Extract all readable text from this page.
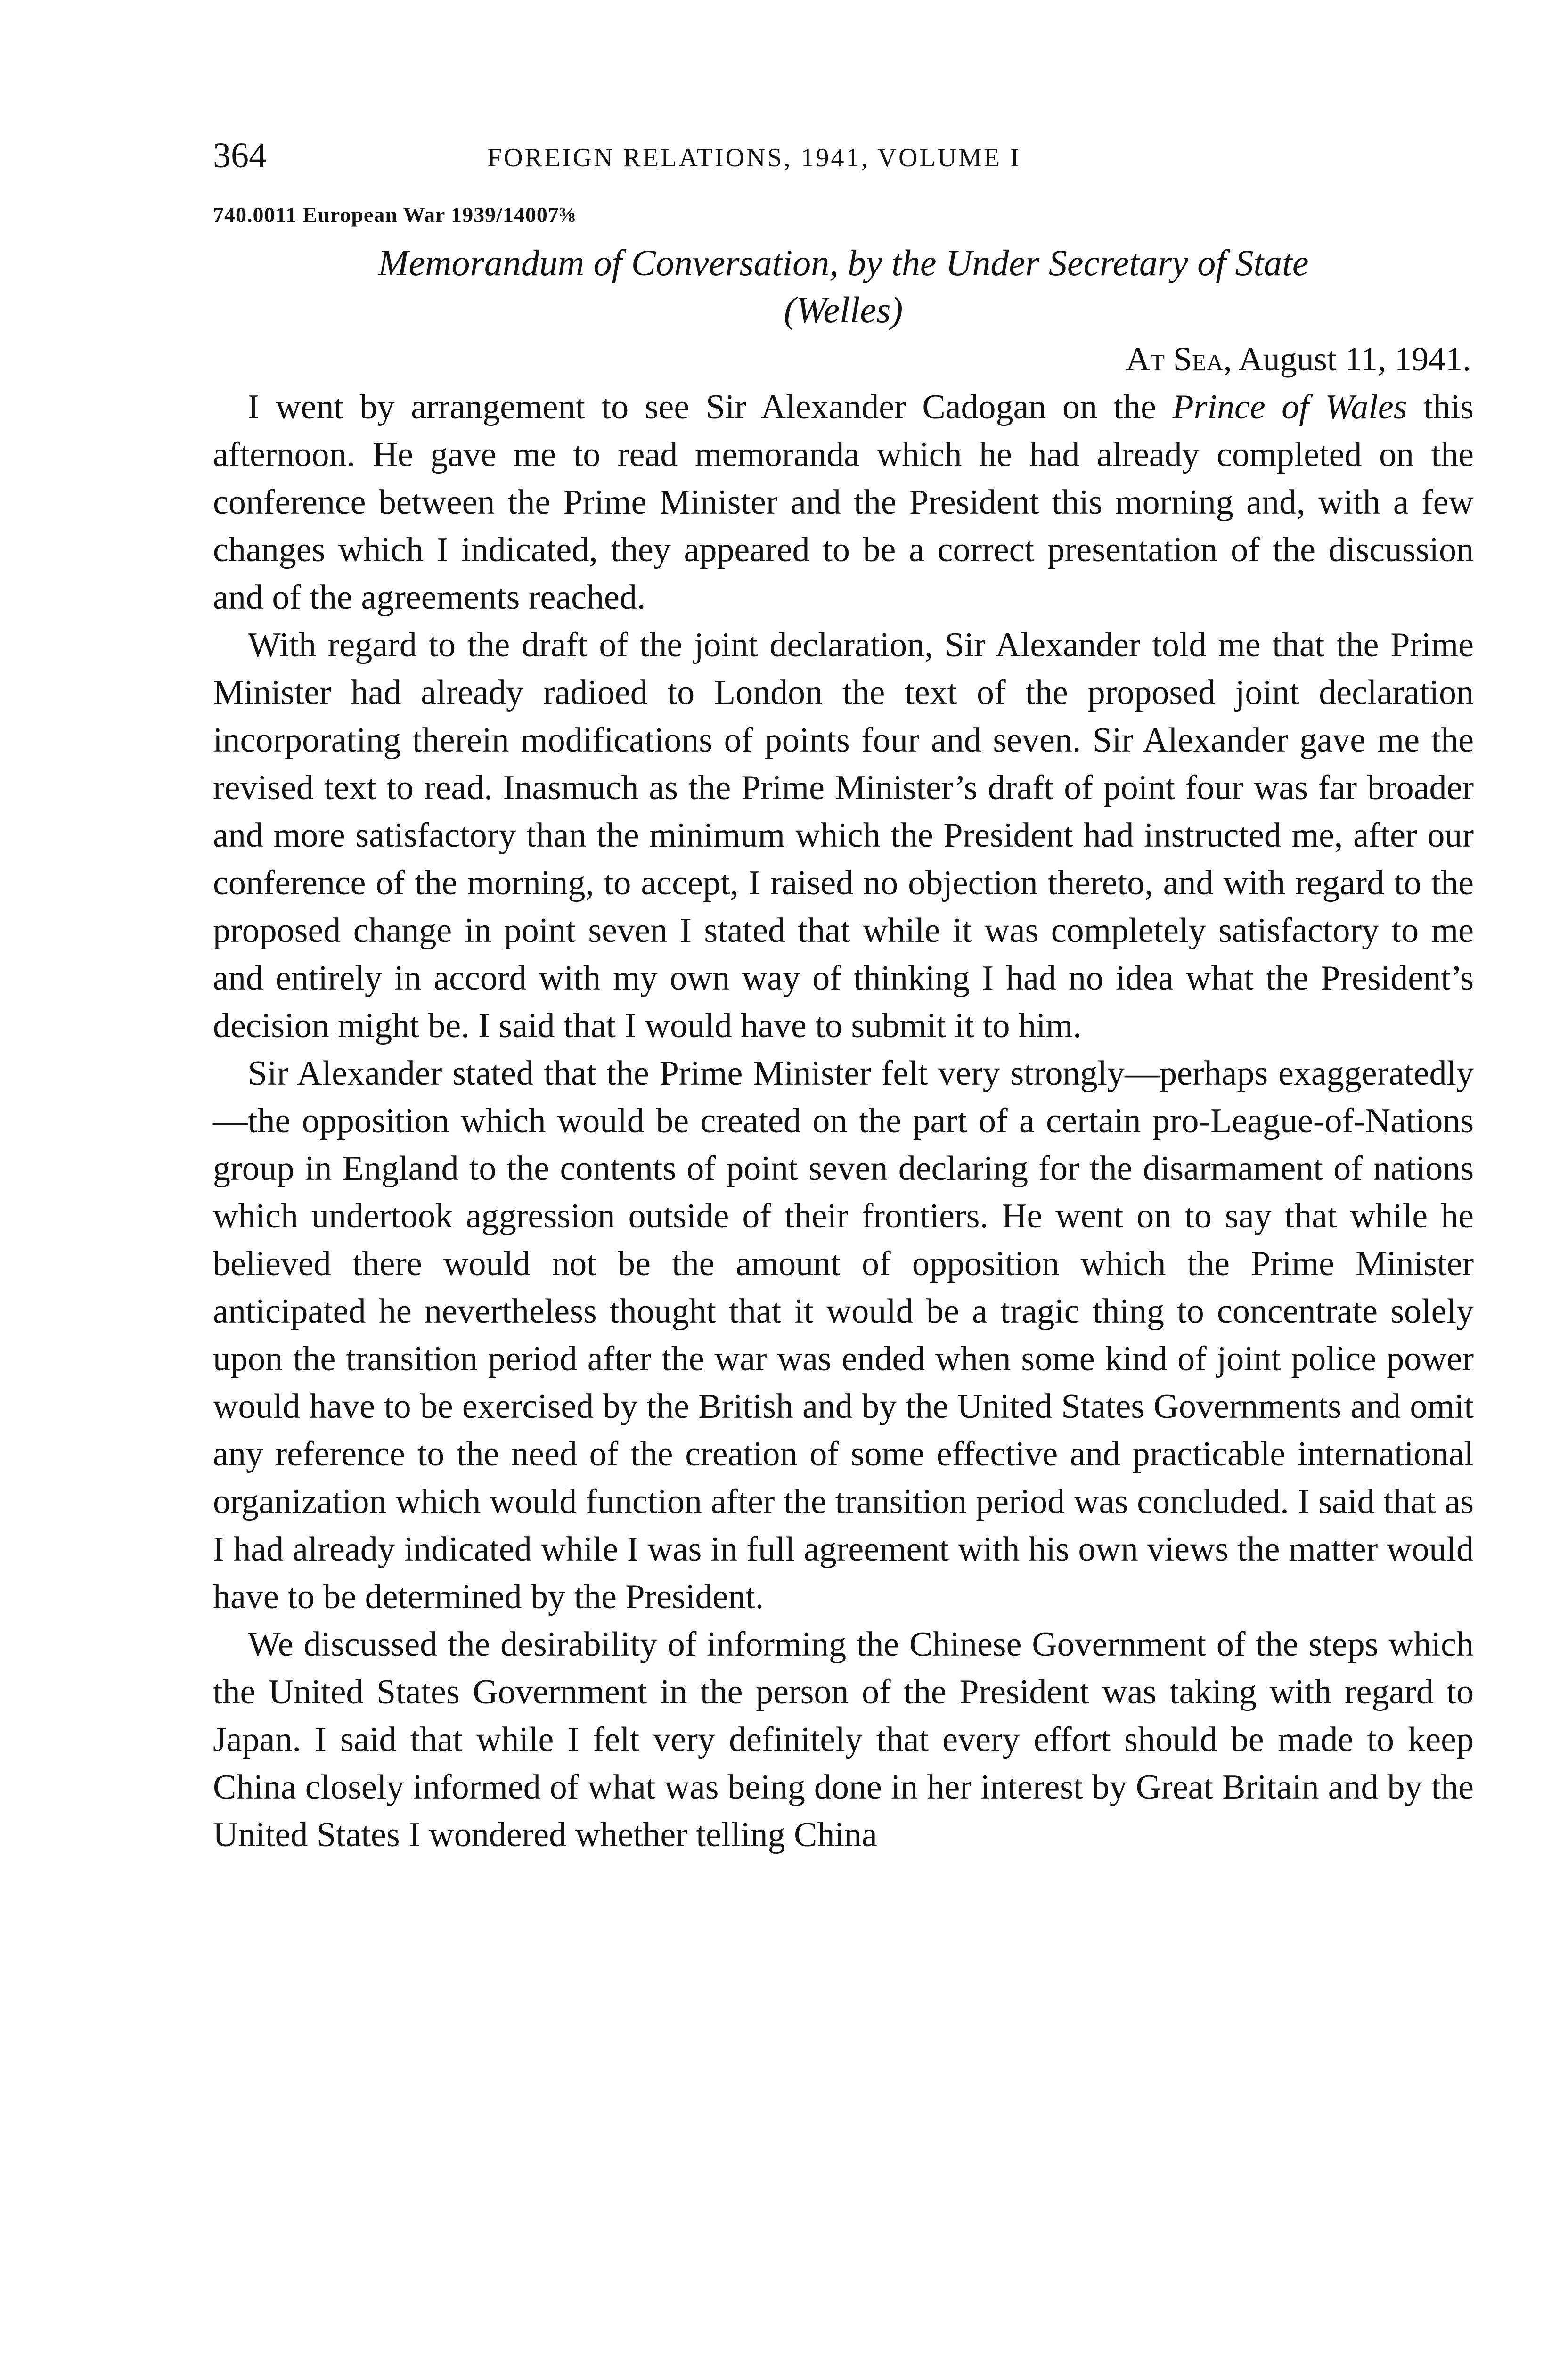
364	FOREIGN RELATIONS, 1941, VOLUME I
740.0011 European War 1939/14007⅜
Memorandum of Conversation, by the Under Secretary of State
(Welles)
At Sea, August 11, 1941.

I went by arrangement to see Sir Alexander Cadogan on the Prince of Wales this afternoon. He gave me to read memoranda which he had already completed on the conference between the Prime Minister and the President this morning and, with a few changes which I indicated, they appeared to be a correct presentation of the discussion and of the agreements reached.

With regard to the draft of the joint declaration, Sir Alexander told me that the Prime Minister had already radioed to London the text of the proposed joint declaration incorporating therein modifications of points four and seven. Sir Alexander gave me the revised text to read. Inasmuch as the Prime Minister’s draft of point four was far broader and more satisfactory than the minimum which the President had instructed me, after our conference of the morning, to accept, I raised no objection thereto, and with regard to the proposed change in point seven I stated that while it was completely satisfactory to me and entirely in accord with my own way of thinking I had no idea what the President’s decision might be. I said that I would have to submit it to him.

Sir Alexander stated that the Prime Minister felt very strongly—perhaps exaggeratedly—the opposition which would be created on the part of a certain pro-League-of-Nations group in England to the contents of point seven declaring for the disarmament of nations which undertook aggression outside of their frontiers. He went on to say that while he believed there would not be the amount of opposition which the Prime Minister anticipated he nevertheless thought that it would be a tragic thing to concentrate solely upon the transition period after the war was ended when some kind of joint police power would have to be exercised by the British and by the United States Governments and omit any reference to the need of the creation of some effective and practicable international organization which would function after the transition period was concluded. I said that as I had already indicated while I was in full agreement with his own views the matter would have to be determined by the President.

We discussed the desirability of informing the Chinese Government of the steps which the United States Government in the person of the President was taking with regard to Japan. I said that while I felt very definitely that every effort should be made to keep China closely informed of what was being done in her interest by Great Britain and by the United States I wondered whether telling China
